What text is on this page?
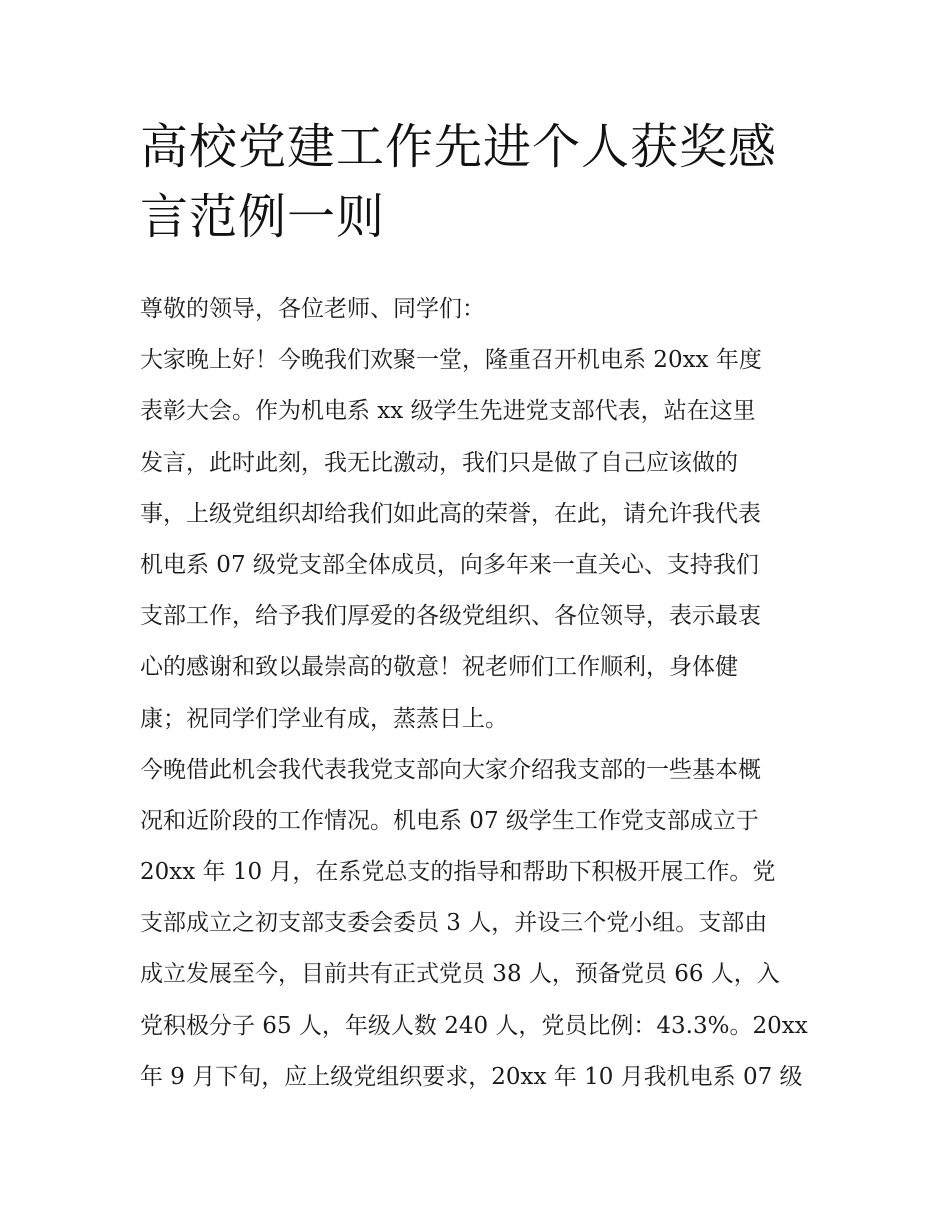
高校党建工作先进个人获奖感
言范例一则
尊敬的领导，各位老师、同学们：
大家晚上好！今晚我们欢聚一堂，隆重召开机电系 20xx 年度
表彰大会。作为机电系 xx 级学生先进党支部代表，站在这里
发言，此时此刻，我无比激动，我们只是做了自己应该做的
事，上级党组织却给我们如此高的荣誉，在此，请允许我代表
机电系 07 级党支部全体成员，向多年来一直关心、支持我们
支部工作，给予我们厚爱的各级党组织、各位领导，表示最衷
心的感谢和致以最崇高的敬意！祝老师们工作顺利，身体健
康；祝同学们学业有成，蒸蒸日上。
今晚借此机会我代表我党支部向大家介绍我支部的一些基本概
况和近阶段的工作情况。机电系 07 级学生工作党支部成立于
20xx 年 10 月，在系党总支的指导和帮助下积极开展工作。党
支部成立之初支部支委会委员 3 人，并设三个党小组。支部由
成立发展至今，目前共有正式党员 38 人，预备党员 66 人，入
党积极分子 65 人，年级人数 240 人，党员比例：43.3%。20xx
年 9 月下旬，应上级党组织要求，20xx 年 10 月我机电系 07 级
